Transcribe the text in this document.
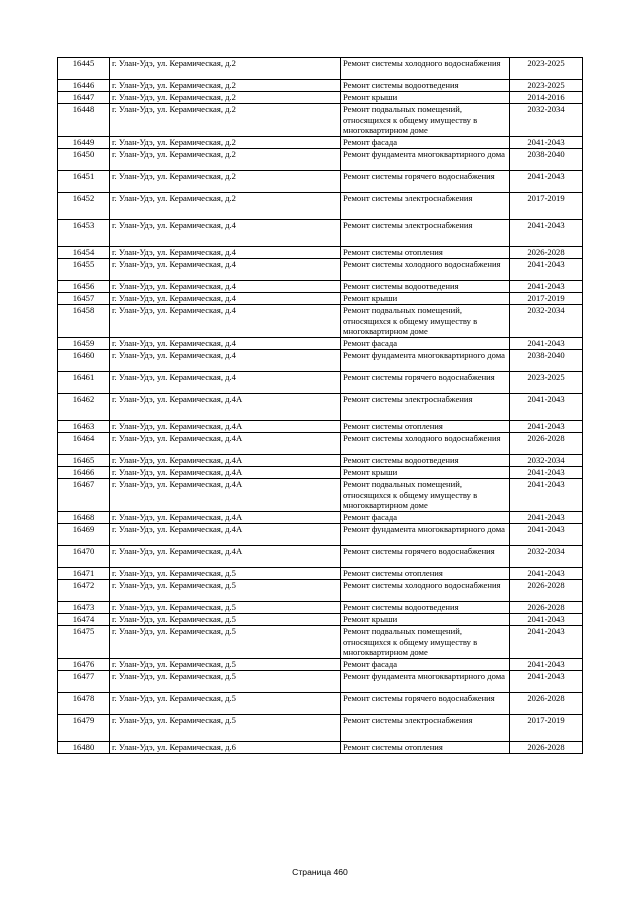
16445	г. Улан-Удэ, ул. Керамическая, д.2	Ремонт системы холодного водоснабжения	2023-2025
16446	г. Улан-Удэ, ул. Керамическая, д.2	Ремонт системы водоотведения	2023-2025
16447	г. Улан-Удэ, ул. Керамическая, д.2	Ремонт крыши	2014-2016
16448	г. Улан-Удэ, ул. Керамическая, д.2	Ремонт подвальных помещений, относящихся к общему имуществу в многоквартирном доме	2032-2034
16449	г. Улан-Удэ, ул. Керамическая, д.2	Ремонт фасада	2041-2043
16450	г. Улан-Удэ, ул. Керамическая, д.2	Ремонт фундамента многоквартирного дома	2038-2040
16451	г. Улан-Удэ, ул. Керамическая, д.2	Ремонт системы горячего водоснабжения	2041-2043
16452	г. Улан-Удэ, ул. Керамическая, д.2	Ремонт системы электроснабжения	2017-2019
16453	г. Улан-Удэ, ул. Керамическая, д.4	Ремонт системы электроснабжения	2041-2043
16454	г. Улан-Удэ, ул. Керамическая, д.4	Ремонт системы отопления	2026-2028
16455	г. Улан-Удэ, ул. Керамическая, д.4	Ремонт системы холодного водоснабжения	2041-2043
16456	г. Улан-Удэ, ул. Керамическая, д.4	Ремонт системы водоотведения	2041-2043
16457	г. Улан-Удэ, ул. Керамическая, д.4	Ремонт крыши	2017-2019
16458	г. Улан-Удэ, ул. Керамическая, д.4	Ремонт подвальных помещений, относящихся к общему имуществу в многоквартирном доме	2032-2034
16459	г. Улан-Удэ, ул. Керамическая, д.4	Ремонт фасада	2041-2043
16460	г. Улан-Удэ, ул. Керамическая, д.4	Ремонт фундамента многоквартирного дома	2038-2040
16461	г. Улан-Удэ, ул. Керамическая, д.4	Ремонт системы горячего водоснабжения	2023-2025
16462	г. Улан-Удэ, ул. Керамическая, д.4А	Ремонт системы электроснабжения	2041-2043
16463	г. Улан-Удэ, ул. Керамическая, д.4А	Ремонт системы отопления	2041-2043
16464	г. Улан-Удэ, ул. Керамическая, д.4А	Ремонт системы холодного водоснабжения	2026-2028
16465	г. Улан-Удэ, ул. Керамическая, д.4А	Ремонт системы водоотведения	2032-2034
16466	г. Улан-Удэ, ул. Керамическая, д.4А	Ремонт крыши	2041-2043
16467	г. Улан-Удэ, ул. Керамическая, д.4А	Ремонт подвальных помещений, относящихся к общему имуществу в многоквартирном доме	2041-2043
16468	г. Улан-Удэ, ул. Керамическая, д.4А	Ремонт фасада	2041-2043
16469	г. Улан-Удэ, ул. Керамическая, д.4А	Ремонт фундамента многоквартирного дома	2041-2043
16470	г. Улан-Удэ, ул. Керамическая, д.4А	Ремонт системы горячего водоснабжения	2032-2034
16471	г. Улан-Удэ, ул. Керамическая, д.5	Ремонт системы отопления	2041-2043
16472	г. Улан-Удэ, ул. Керамическая, д.5	Ремонт системы холодного водоснабжения	2026-2028
16473	г. Улан-Удэ, ул. Керамическая, д.5	Ремонт системы водоотведения	2026-2028
16474	г. Улан-Удэ, ул. Керамическая, д.5	Ремонт крыши	2041-2043
16475	г. Улан-Удэ, ул. Керамическая, д.5	Ремонт подвальных помещений, относящихся к общему имуществу в многоквартирном доме	2041-2043
16476	г. Улан-Удэ, ул. Керамическая, д.5	Ремонт фасада	2041-2043
16477	г. Улан-Удэ, ул. Керамическая, д.5	Ремонт фундамента многоквартирного дома	2041-2043
16478	г. Улан-Удэ, ул. Керамическая, д.5	Ремонт системы горячего водоснабжения	2026-2028
16479	г. Улан-Удэ, ул. Керамическая, д.5	Ремонт системы электроснабжения	2017-2019
16480	г. Улан-Удэ, ул. Керамическая, д.6	Ремонт системы отопления	2026-2028
Страница 460
